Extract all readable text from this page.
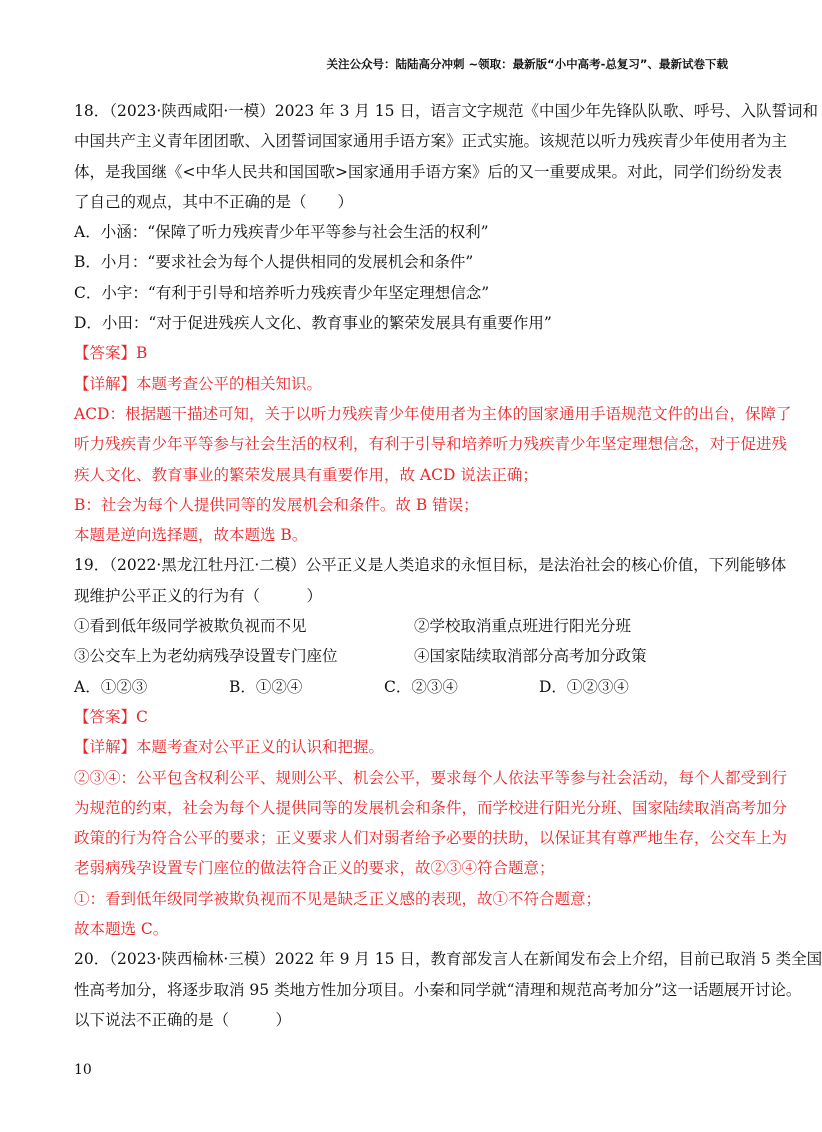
关注公众号：陆陆高分冲刺 ~领取：最新版“小中高考-总复习”、最新试卷下载
18．（2023·陕西咸阳·一模）2023 年 3 月 15 日，语言文字规范《中国少年先锋队队歌、呼号、入队誓词和
中国共产主义青年团团歌、入团誓词国家通用手语方案》正式实施。该规范以听力残疾青少年使用者为主
体，是我国继《<中华人民共和国国歌>国家通用手语方案》后的又一重要成果。对此，同学们纷纷发表
了自己的观点，其中不正确的是（　　）
A．小涵：“保障了听力残疾青少年平等参与社会生活的权利”
B．小月：“要求社会为每个人提供相同的发展机会和条件”
C．小宇：“有利于引导和培养听力残疾青少年坚定理想信念”
D．小田：“对于促进残疾人文化、教育事业的繁荣发展具有重要作用”
【答案】B
【详解】本题考查公平的相关知识。
ACD：根据题干描述可知，关于以听力残疾青少年使用者为主体的国家通用手语规范文件的出台，保障了
听力残疾青少年平等参与社会生活的权利，有利于引导和培养听力残疾青少年坚定理想信念，对于促进残
疾人文化、教育事业的繁荣发展具有重要作用，故 ACD 说法正确；
B：社会为每个人提供同等的发展机会和条件。故 B 错误；
本题是逆向选择题，故本题选 B。
19．（2022·黑龙江牡丹江·二模）公平正义是人类追求的永恒目标，是法治社会的核心价值，下列能够体
现维护公平正义的行为有（　　　）
①看到低年级同学被欺负视而不见	②学校取消重点班进行阳光分班
③公交车上为老幼病残孕设置专门座位	④国家陆续取消部分高考加分政策
A．①②③	B．①②④	C．②③④	D．①②③④
【答案】C
【详解】本题考查对公平正义的认识和把握。
②③④：公平包含权利公平、规则公平、机会公平，要求每个人依法平等参与社会活动，每个人都受到行
为规范的约束，社会为每个人提供同等的发展机会和条件，而学校进行阳光分班、国家陆续取消高考加分
政策的行为符合公平的要求；正义要求人们对弱者给予必要的扶助，以保证其有尊严地生存，公交车上为
老弱病残孕设置专门座位的做法符合正义的要求，故②③④符合题意；
①：看到低年级同学被欺负视而不见是缺乏正义感的表现，故①不符合题意；
故本题选 C。
20．（2023·陕西榆林·三模）2022 年 9 月 15 日，教育部发言人在新闻发布会上介绍，目前已取消 5 类全国
性高考加分，将逐步取消 95 类地方性加分项目。小秦和同学就“清理和规范高考加分”这一话题展开讨论。
以下说法不正确的是（　　　）
10
